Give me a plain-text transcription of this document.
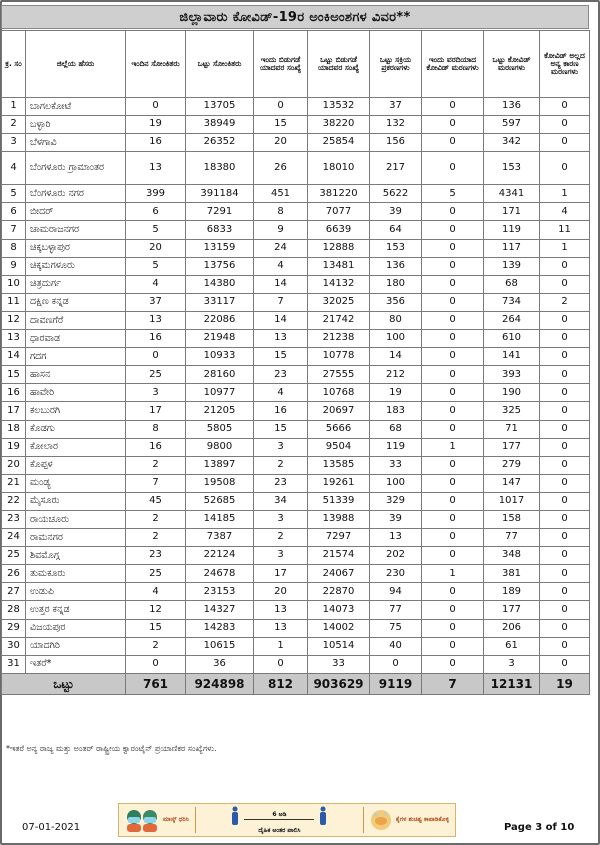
ಜಿಲ್ಲಾವಾರು ಕೋವಿಡ್-19ರ ಅಂಕಿಅಂಶಗಳ ವಿವರ**
ಕ್ರ. ಸಂ	ಜಿಲ್ಲೆಯ ಹೆಸರು	ಇಂದಿನ ಸೋಂಕಿತರು	ಒಟ್ಟು ಸೋಂಕಿತರು	ಇಂದು ಬಿಡುಗಡೆ ಯಾದವರ ಸಂಖ್ಯೆ	ಒಟ್ಟು ಬಿಡುಗಡೆ ಯಾದವರ ಸಂಖ್ಯೆ	ಒಟ್ಟು ಸಕ್ರಿಯ ಪ್ರಕರಣಗಳು	ಇಂದು ವರದಿಯಾದ ಕೋವಿಡ್ ಮರಣಗಳು	ಒಟ್ಟು ಕೋವಿಡ್ ಮರಣಗಳು	ಕೋವಿಡ್ ಅಲ್ಲದ ಅನ್ಯ ಕಾರಣ ಮರಣಗಳು
1	ಬಾಗಲಕೋಟೆ	0	13705	0	13532	37	0	136	0
2	ಬಳ್ಳಾರಿ	19	38949	15	38220	132	0	597	0
3	ಬೆಳಗಾವಿ	16	26352	20	25854	156	0	342	0
4	ಬೆಂಗಳೂರು ಗ್ರಾಮಾಂತರ	13	18380	26	18010	217	0	153	0
5	ಬೆಂಗಳೂರು ನಗರ	399	391184	451	381220	5622	5	4341	1
6	ಬೀದರ್	6	7291	8	7077	39	0	171	4
7	ಚಾಮರಾಜನಗರ	5	6833	9	6639	64	0	119	11
8	ಚಿಕ್ಕಬಳ್ಳಾಪುರ	20	13159	24	12888	153	0	117	1
9	ಚಿಕ್ಕಮಗಳೂರು	5	13756	4	13481	136	0	139	0
10	ಚಿತ್ರದುರ್ಗ	4	14380	14	14132	180	0	68	0
11	ದಕ್ಷಿಣ ಕನ್ನಡ	37	33117	7	32025	356	0	734	2
12	ದಾವಣಗೆರೆ	13	22086	14	21742	80	0	264	0
13	ಧಾರವಾಡ	16	21948	13	21238	100	0	610	0
14	ಗದಗ	0	10933	15	10778	14	0	141	0
15	ಹಾಸನ	25	28160	23	27555	212	0	393	0
16	ಹಾವೇರಿ	3	10977	4	10768	19	0	190	0
17	ಕಲಬುರಗಿ	17	21205	16	20697	183	0	325	0
18	ಕೊಡಗು	8	5805	15	5666	68	0	71	0
19	ಕೋಲಾರ	16	9800	3	9504	119	1	177	0
20	ಕೊಪ್ಪಳ	2	13897	2	13585	33	0	279	0
21	ಮಂಡ್ಯ	7	19508	23	19261	100	0	147	0
22	ಮೈಸೂರು	45	52685	34	51339	329	0	1017	0
23	ರಾಯಚೂರು	2	14185	3	13988	39	0	158	0
24	ರಾಮನಗರ	2	7387	2	7297	13	0	77	0
25	ಶಿವಮೊಗ್ಗ	23	22124	3	21574	202	0	348	0
26	ತುಮಕೂರು	25	24678	17	24067	230	1	381	0
27	ಉಡುಪಿ	4	23153	20	22870	94	0	189	0
28	ಉತ್ತರ ಕನ್ನಡ	12	14327	13	14073	77	0	177	0
29	ವಿಜಯಪುರ	15	14283	13	14002	75	0	206	0
30	ಯಾದಗಿರಿ	2	10615	1	10514	40	0	61	0
31	ಇತರೆ*	0	36	0	33	0	0	3	0
ಒಟ್ಟು		761	924898	812	903629	9119	7	12131	19
*ಇತರೆ ಅನ್ಯ ರಾಜ್ಯ ಮತ್ತು ಅಂತರ್ ರಾಷ್ಟ್ರೀಯ ಕ್ವಾರಂಟೈನ್ ಪ್ರಯಾಣಿಕರ ಸಂಖ್ಯೆಗಳು.
07-01-2021
ಮಾಸ್ಕ್ ಧರಿಸಿ
6 ಅಡಿ
ದೈಹಿಕ ಅಂತರ ಪಾಲಿಸಿ
ಕೈಗಳ ಶುಚಿತ್ವ ಕಾಪಾಡಿಕೊಳ್ಳಿ
Page 3 of 10
